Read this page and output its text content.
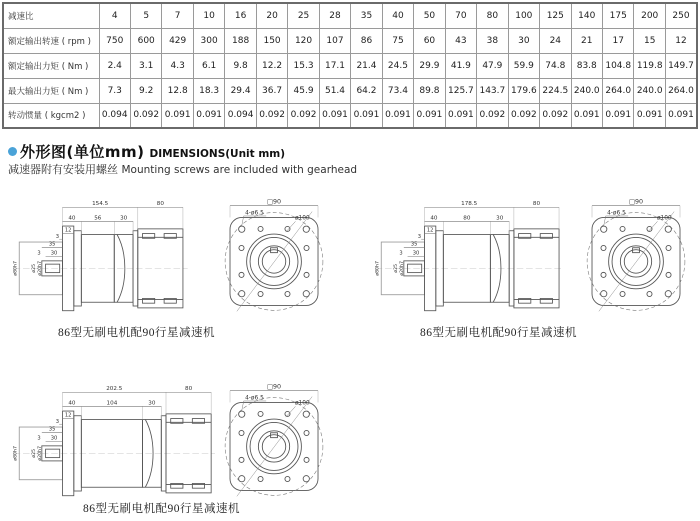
减速比	4	5	7	10	16	20	25	28	35	40	50	70	80	100	125	140	175	200	250
额定输出转速 ( rpm )	750	600	429	300	188	150	120	107	86	75	60	43	38	30	24	21	17	15	12
额定输出力矩 ( Nm )	2.4	3.1	4.3	6.1	9.8	12.2	15.3	17.1	21.4	24.5	29.9	41.9	47.9	59.9	74.8	83.8	104.8	119.8	149.7
最大输出力矩 ( Nm )	7.3	9.2	12.8	18.3	29.4	36.7	45.9	51.4	64.2	73.4	89.8	125.7	143.7	179.6	224.5	240.0	264.0	240.0	264.0
转动惯量 ( kgcm2 )	0.094	0.092	0.091	0.091	0.094	0.092	0.092	0.091	0.091	0.091	0.091	0.091	0.092	0.092	0.092	0.091	0.091	0.091	0.091
外形图(单位mm) DIMENSIONS(Unit mm)
减速器附有安装用螺丝 Mounting screws are included with gearhead
154.5	80
40	56	30
12
3
35
3 30
ø25 ø20h7
ø80h7
□90
4-ø6.5
ø100
86型无刷电机配90行星减速机
178.5	80
40	80	30
12
3
35
3 30
ø25 ø20h7
ø80h7
□90
4-ø6.5
ø100
86型无刷电机配90行星减速机
202.5	80
40	104	30
12
3
35
3 30
ø25 ø20h7
ø80h7
□90
4-ø6.5
ø100
86型无刷电机配90行星减速机
